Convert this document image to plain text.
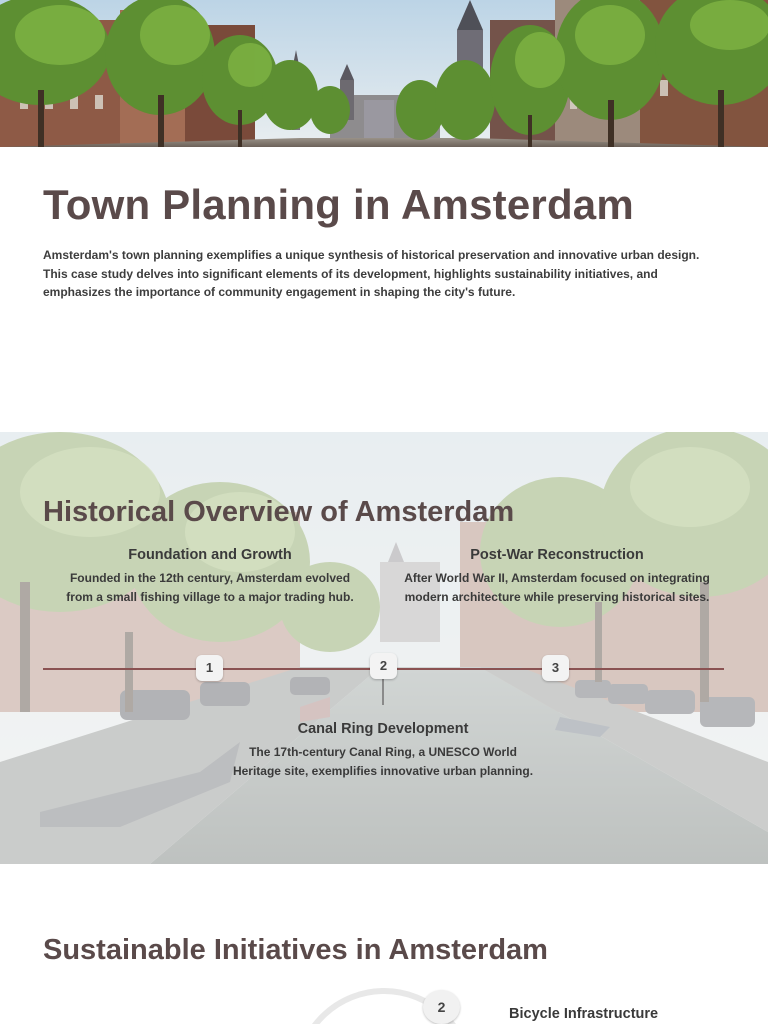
Town Planning in Amsterdam

Amsterdam's town planning exemplifies a unique synthesis of historical preservation and innovative urban design. This case study delves into significant elements of its development, highlights sustainability initiatives, and emphasizes the importance of community engagement in shaping the city's future.

Historical Overview of Amsterdam
Foundation and Growth

Founded in the 12th century, Amsterdam evolved from a small fishing village to a major trading hub.

Post-War Reconstruction

After World War II, Amsterdam focused on integrating modern architecture while preserving historical sites.

1	2	3
Canal Ring Development

The 17th-century Canal Ring, a UNESCO World Heritage site, exemplifies innovative urban planning.

Sustainable Initiatives in Amsterdam
2	Bicycle Infrastructure
